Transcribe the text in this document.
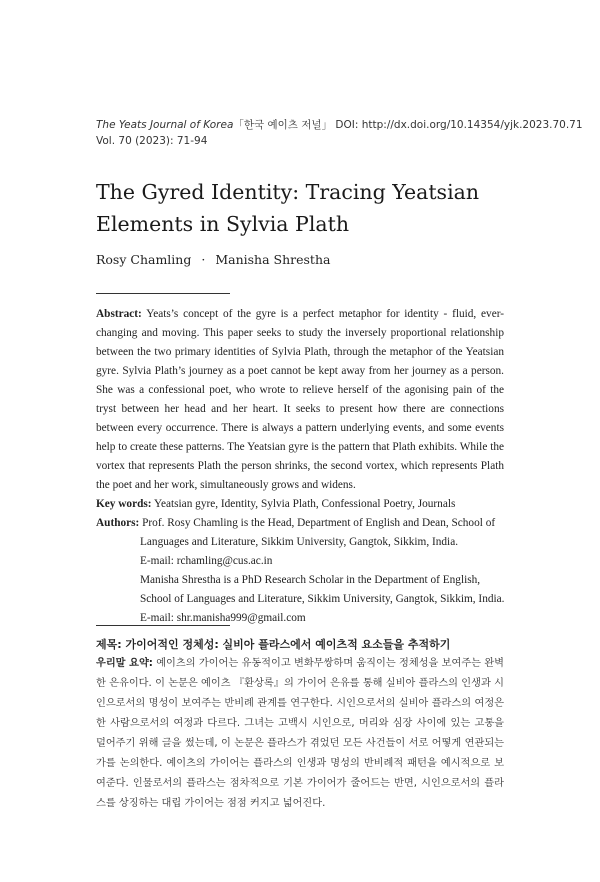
The Yeats Journal of Korea「한국 예이츠 저널」 DOI: http://dx.doi.org/10.14354/yjk.2023.70.71
Vol. 70 (2023): 71-94
The Gyred Identity: Tracing Yeatsian Elements in Sylvia Plath
Rosy Chamling · Manisha Shrestha
Abstract: Yeats’s concept of the gyre is a perfect metaphor for identity - fluid, ever-changing and moving. This paper seeks to study the inversely proportional relationship between the two primary identities of Sylvia Plath, through the metaphor of the Yeatsian gyre. Sylvia Plath’s journey as a poet cannot be kept away from her journey as a person. She was a confessional poet, who wrote to relieve herself of the agonising pain of the tryst between her head and her heart. It seeks to present how there are connections between every occurrence. There is always a pattern underlying events, and some events help to create these patterns. The Yeatsian gyre is the pattern that Plath exhibits. While the vortex that represents Plath the person shrinks, the second vortex, which represents Plath the poet and her work, simultaneously grows and widens.
Key words: Yeatsian gyre, Identity, Sylvia Plath, Confessional Poetry, Journals
Authors: Prof. Rosy Chamling is the Head, Department of English and Dean, School of
Languages and Literature, Sikkim University, Gangtok, Sikkim, India.
E-mail: rchamling@cus.ac.in
Manisha Shrestha is a PhD Research Scholar in the Department of English,
School of Languages and Literature, Sikkim University, Gangtok, Sikkim, India.
E-mail: shr.manisha999@gmail.com
제목: 가이어적인 정체성: 실비아 플라스에서 예이츠적 요소들을 추적하기
우리말 요약: 예이츠의 가이어는 유동적이고 변화무쌍하며 움직이는 정체성을 보여주는 완벽한 은유이다. 이 논문은 예이츠 『환상록』의 가이어 은유를 통해 실비아 플라스의 인생과 시인으로서의 명성이 보여주는 반비례 관계를 연구한다. 시인으로서의 실비아 플라스의 여정은 한 사람으로서의 여정과 다르다. 그녀는 고백시 시인으로, 머리와 심장 사이에 있는 고통을 덜어주기 위해 글을 썼는데, 이 논문은 플라스가 겪었던 모든 사건들이 서로 어떻게 연관되는가를 논의한다. 예이츠의 가이어는 플라스의 인생과 명성의 반비례적 패턴을 예시적으로 보여준다. 인물로서의 플라스는 점차적으로 기본 가이어가 줄어드는 반면, 시인으로서의 플라스를 상징하는 대립 가이어는 점점 커지고 넓어진다.
